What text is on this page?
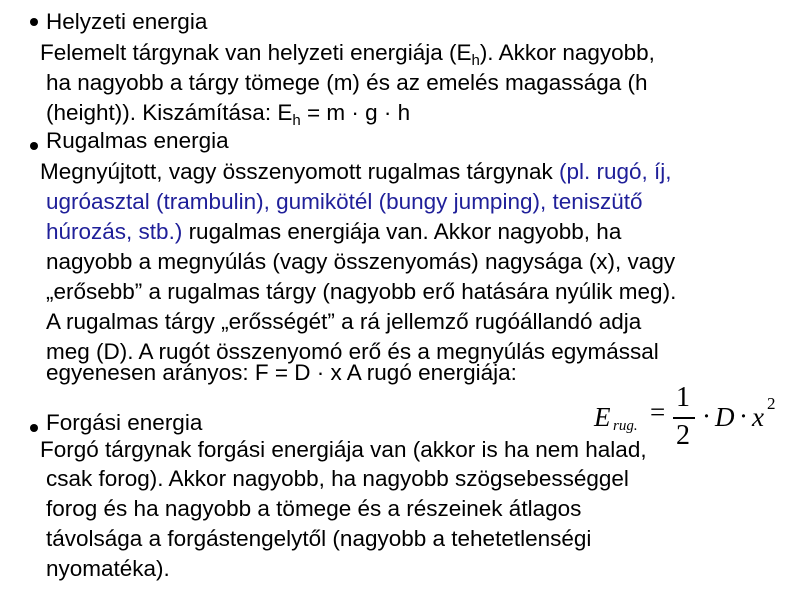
Helyzeti energia
Felemelt tárgynak van helyzeti energiája $(E_h)$. Akkor nagyobb,
ha nagyobb a tárgy tömege (m) és az emelés magassága (h
(height)). Kiszámítása: $E_h = m \cdot g \cdot h$
Rugalmas energia
Megnyújtott, vagy összenyomott rugalmas tárgynak (pl. rugó, íj,
ugróasztal (trambulin), gumikötél (bungy jumping), teniszütő
húrozás, stb.) rugalmas energiája van. Akkor nagyobb, ha
nagyobb a megnyúlás (vagy összenyomás) nagysága (x), vagy
„erősebb” a rugalmas tárgy (nagyobb erő hatására nyúlik meg).
A rugalmas tárgy „erősségét” a rá jellemző rugóállandó adja
meg (D). A rugót összenyomó erő és a megnyúlás egymással
egyenesen arányos: F = D · x A rugó energiája:
Forgási energia
Forgó tárgynak forgási energiája van (akkor is ha nem halad,
csak forog). Akkor nagyobb, ha nagyobb szögsebességgel
forog és ha nagyobb a tömege és a részeinek átlagos
távolsága a forgástengelytől (nagyobb a tehetetlenségi
nyomatéka).
E rug. = 1
2
· D · x 2
